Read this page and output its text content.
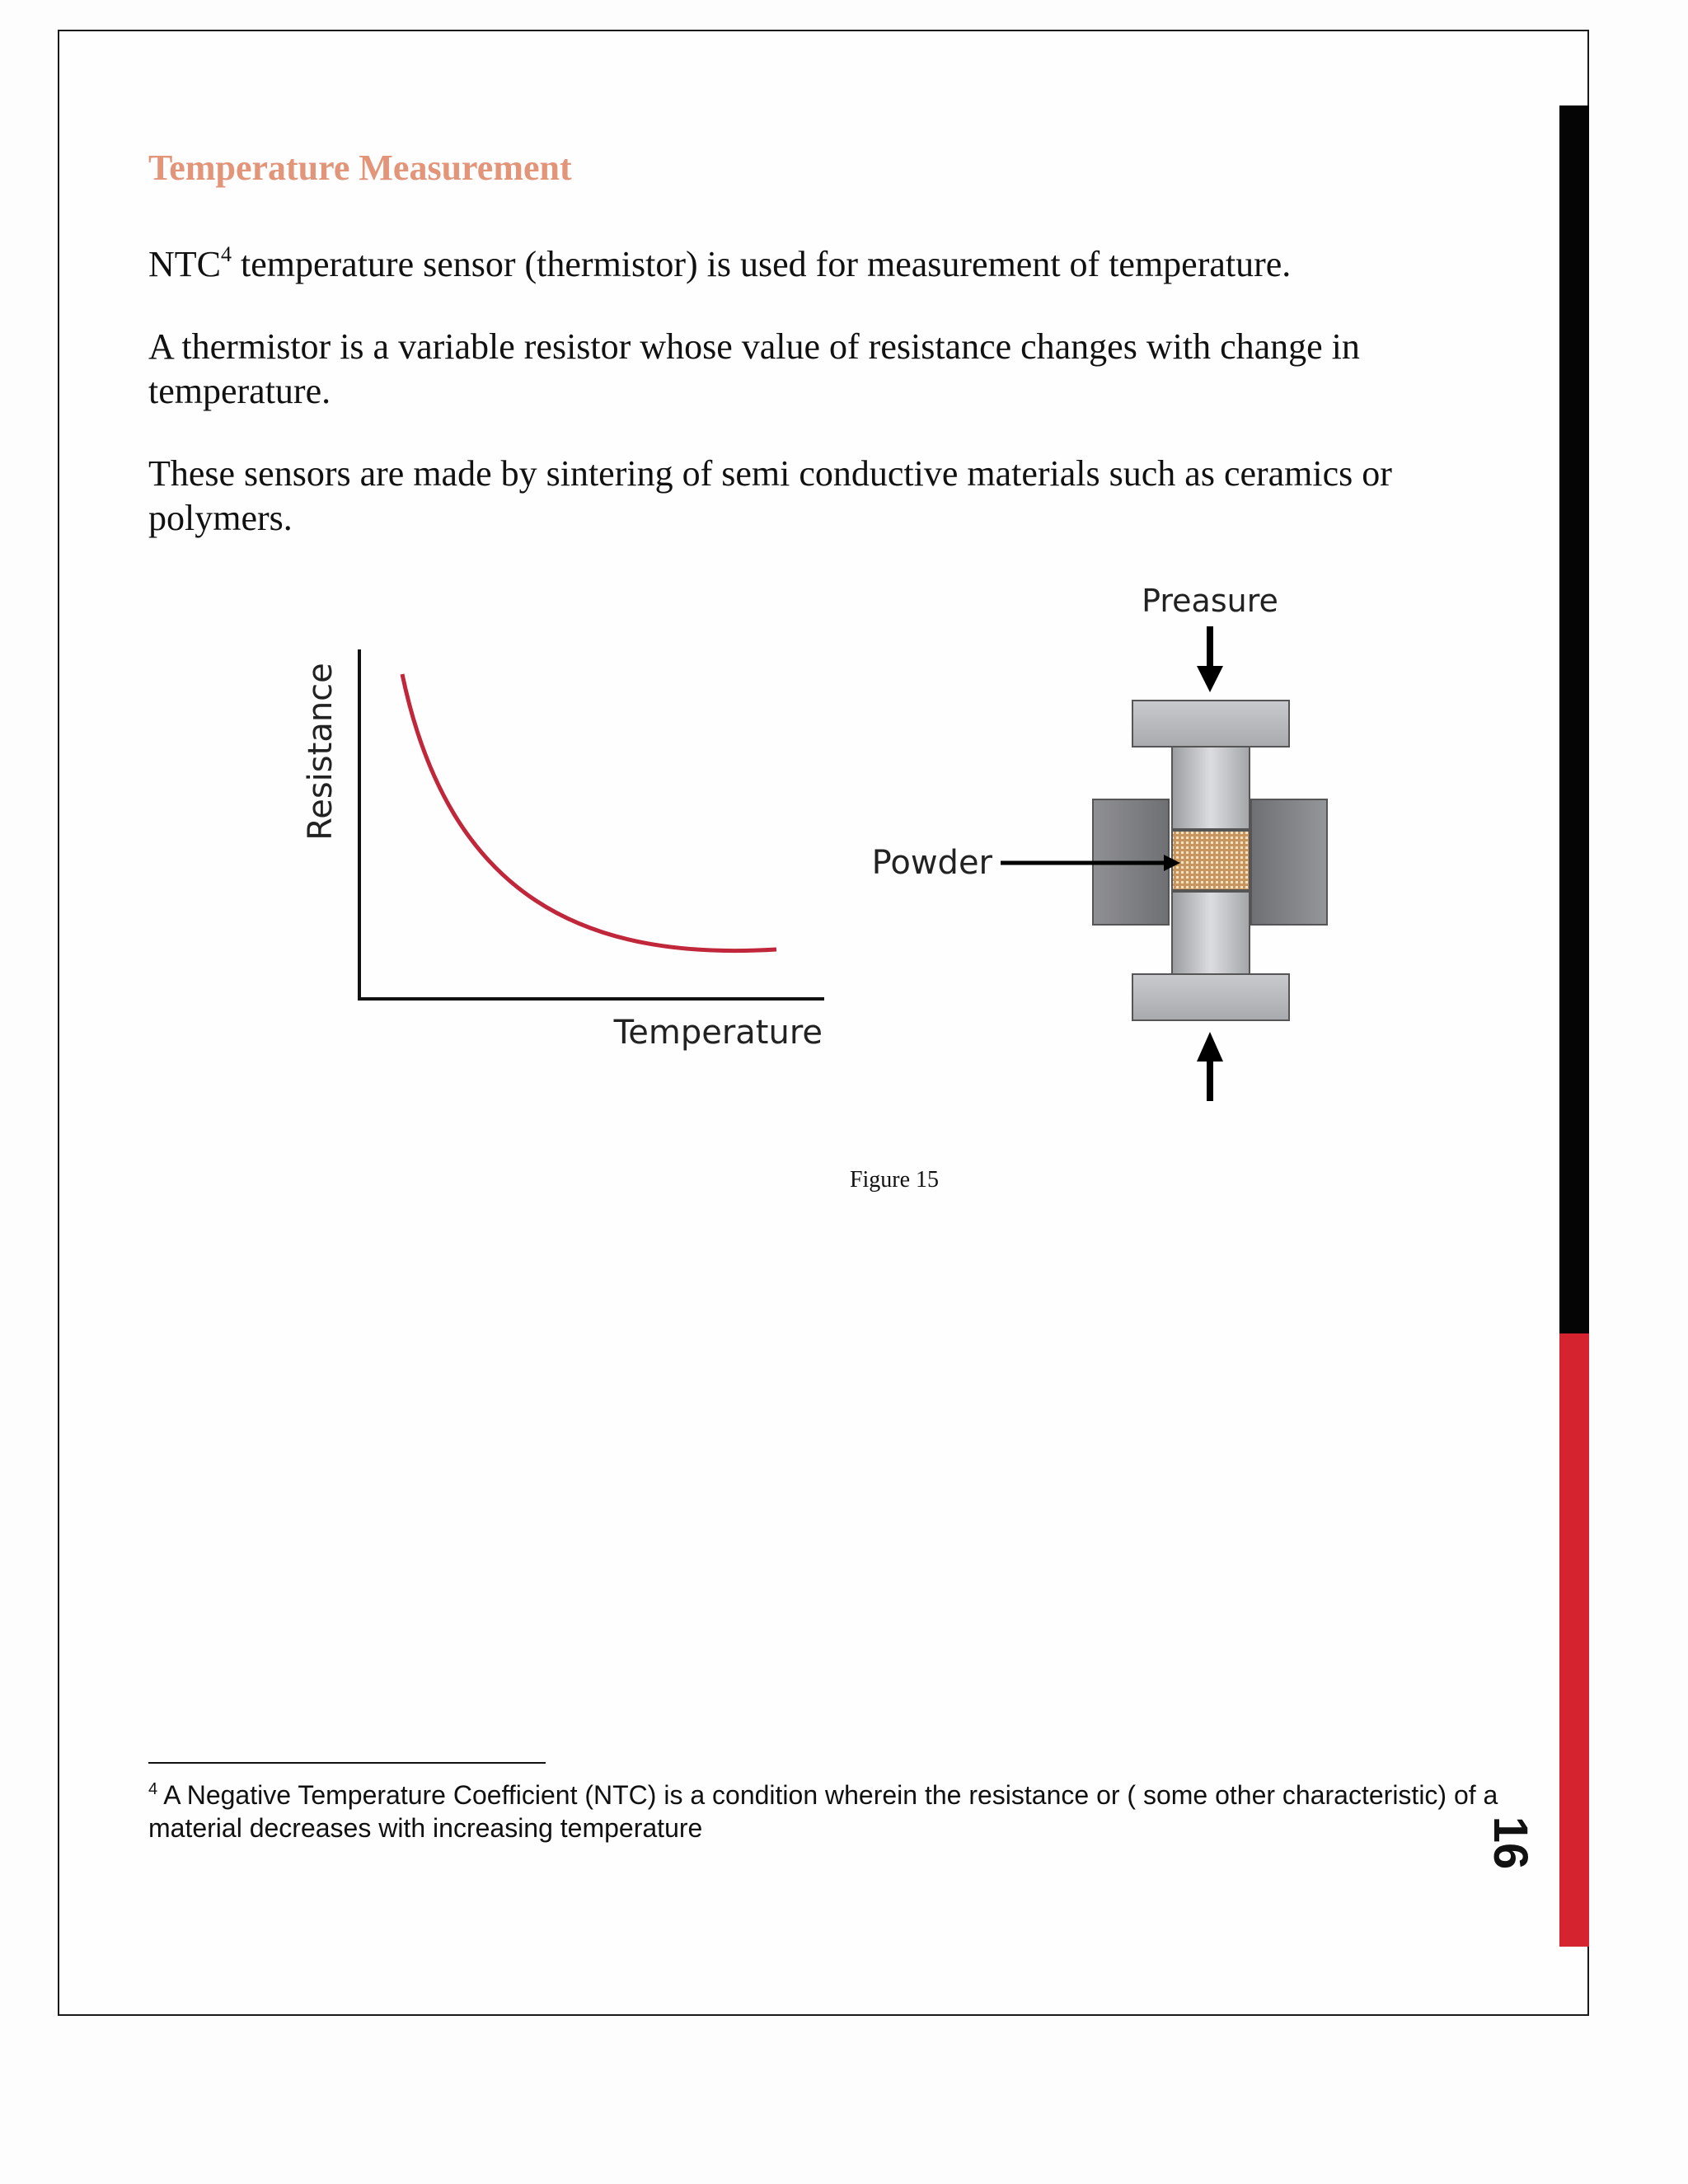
16
Temperature Measurement

NTC$^4$ temperature sensor (thermistor) is used for measurement of temperature.

A thermistor is a variable resistor whose value of resistance changes with change in temperature.

These sensors are made by sintering of semi conductive materials such as ceramics or polymers.

Resistance
Temperature
Preasure
Powder
Figure 15

$^4$ A Negative Temperature Coefficient (NTC) is a condition wherein the resistance or ( some other characteristic) of a material decreases with increasing temperature
